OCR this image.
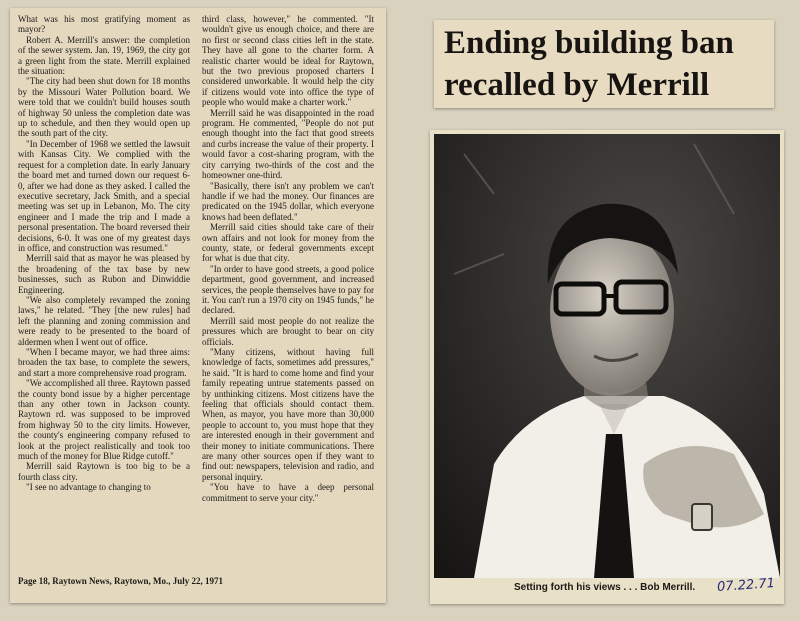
What was his most gratifying moment as mayor?

Robert A. Merrill's answer: the completion of the sewer system. Jan. 19, 1969, the city got a green light from the state. Merrill explained the situation:

"The city had been shut down for 18 months by the Missouri Water Pollution board. We were told that we couldn't build houses south of highway 50 unless the completion date was up to schedule, and then they would open up the south part of the city.

"In December of 1968 we settled the lawsuit with Kansas City. We complied with the request for a completion date. In early January the board met and turned down our request 6-0, after we had done as they asked. I called the executive secretary, Jack Smith, and a special meeting was set up in Lebanon, Mo. The city engineer and I made the trip and I made a personal presentation. The board reversed their decisions, 6-0. It was one of my greatest days in office, and construction was resumed."

Merrill said that as mayor he was pleased by the broadening of the tax base by new businesses, such as Rubon and Dinwiddie Engineering.

"We also completely revamped the zoning laws," he related. "They [the new rules] had left the planning and zoning commission and were ready to be presented to the board of aldermen when I went out of office.

"When I became mayor, we had three aims: broaden the tax base, to complete the sewers, and start a more comprehensive road program.

"We accomplished all three. Raytown passed the county bond issue by a higher percentage than any other town in Jackson county. Raytown rd. was supposed to be improved from highway 50 to the city limits. However, the county's engineering company refused to look at the project realistically and took too much of the money for Blue Ridge cutoff."

Merrill said Raytown is too big to be a fourth class city.

"I see no advantage to changing to

third class, however," he commented. "It wouldn't give us enough choice, and there are no first or second class cities left in the state. They have all gone to the charter form. A realistic charter would be ideal for Raytown, but the two previous proposed charters I considered unworkable. It would help the city if citizens would vote into office the type of people who would make a charter work."

Merrill said he was disappointed in the road program. He commented, "People do not put enough thought into the fact that good streets and curbs increase the value of their property. I would favor a cost-sharing program, with the city carrying two-thirds of the cost and the homeowner one-third.

"Basically, there isn't any problem we can't handle if we had the money. Our finances are predicated on the 1945 dollar, which everyone knows had been deflated."

Merrill said cities should take care of their own affairs and not look for money from the county, state, or federal governments except for what is due that city.

"In order to have good streets, a good police department, good government, and increased services, the people themselves have to pay for it. You can't run a 1970 city on 1945 funds," he declared.

Merrill said most people do not realize the pressures which are brought to bear on city officials.

"Many citizens, without having full knowledge of facts, sometimes add pressures," he said. "It is hard to come home and find your family repeating untrue statements passed on by unthinking citizens. Most citizens have the feeling that officials should contact them. When, as mayor, you have more than 30,000 people to account to, you must hope that they are interested enough in their government and their money to initiate communications. There are many other sources open if they want to find out: newspapers, television and radio, and personal inquiry.

"You have to have a deep personal commitment to serve your city."

Page 18, Raytown News, Raytown, Mo., July 22, 1971
Ending building ban recalled by Merrill
Setting forth his views . . . Bob Merrill. 07.22.71
